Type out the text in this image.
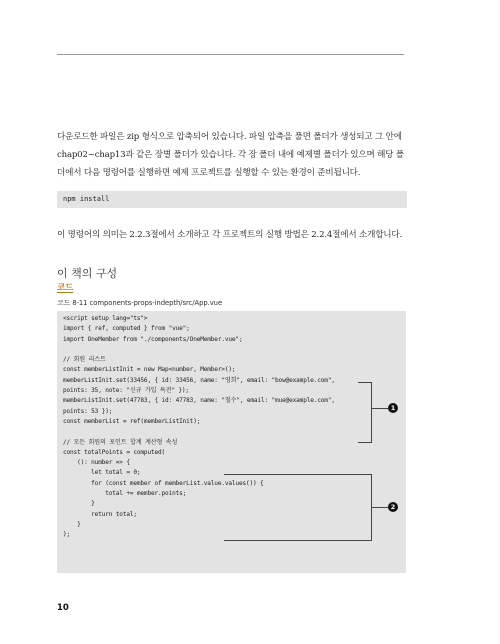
다운로드한 파일은 zip 형식으로 압축되어 있습니다. 파일 압축을 풀면 폴더가 생성되고 그 안에

chap02~chap13과 같은 장별 폴더가 있습니다. 각 장 폴더 내에 예제별 폴더가 있으며 해당 폴

더에서 다음 명령어를 실행하면 예제 프로젝트를 실행할 수 있는 환경이 준비됩니다.

npm install

이 명령어의 의미는 2.2.3절에서 소개하고 각 프로젝트의 실행 방법은 2.2.4절에서 소개합니다.

이 책의 구성
코드
코드 8-11 components-props-indepth/src/App.vue
<script setup lang="ts">
import { ref, computed } from "vue";
import OneMember from "./components/OneMember.vue";
// 회원 리스트
const memberListInit = new Map<number, Member>();
memberListInit.set(33456, { id: 33456, name: "영희", email: "bow@example.com",
points: 35, note: "신규 가입 특전" });
memberListInit.set(47783, { id: 47783, name: "철수", email: "mue@example.com",
points: 53 });
const memberList = ref(memberListInit);
// 모든 회원의 포인트 합계 계산형 속성
const totalPoints = computed(
(): number => {
let total = 0;
for (const member of memberList.value.values()) {
total += member.points;
}
return total;
}
);
1
2
10
